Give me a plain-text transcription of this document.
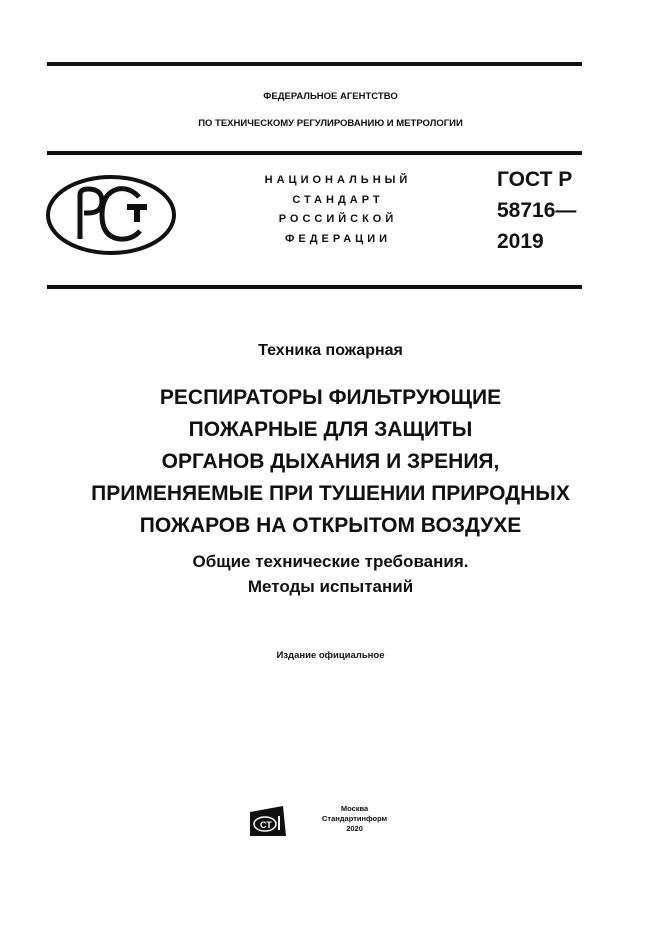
ФЕДЕРАЛЬНОЕ АГЕНТСТВО
ПО ТЕХНИЧЕСКОМУ РЕГУЛИРОВАНИЮ И МЕТРОЛОГИИ
НАЦИОНАЛЬНЫЙ
СТАНДАРТ
РОССИЙСКОЙ
ФЕДЕРАЦИИ
ГОСТ Р
58716—
2019
Техника пожарная
РЕСПИРАТОРЫ ФИЛЬТРУЮЩИЕ
ПОЖАРНЫЕ ДЛЯ ЗАЩИТЫ
ОРГАНОВ ДЫХАНИЯ И ЗРЕНИЯ,
ПРИМЕНЯЕМЫЕ ПРИ ТУШЕНИИ ПРИРОДНЫХ
ПОЖАРОВ НА ОТКРЫТОМ ВОЗДУХЕ
Общие технические требования.
Методы испытаний
Издание официальное
СТ
Москва
Стандартинформ
2020
